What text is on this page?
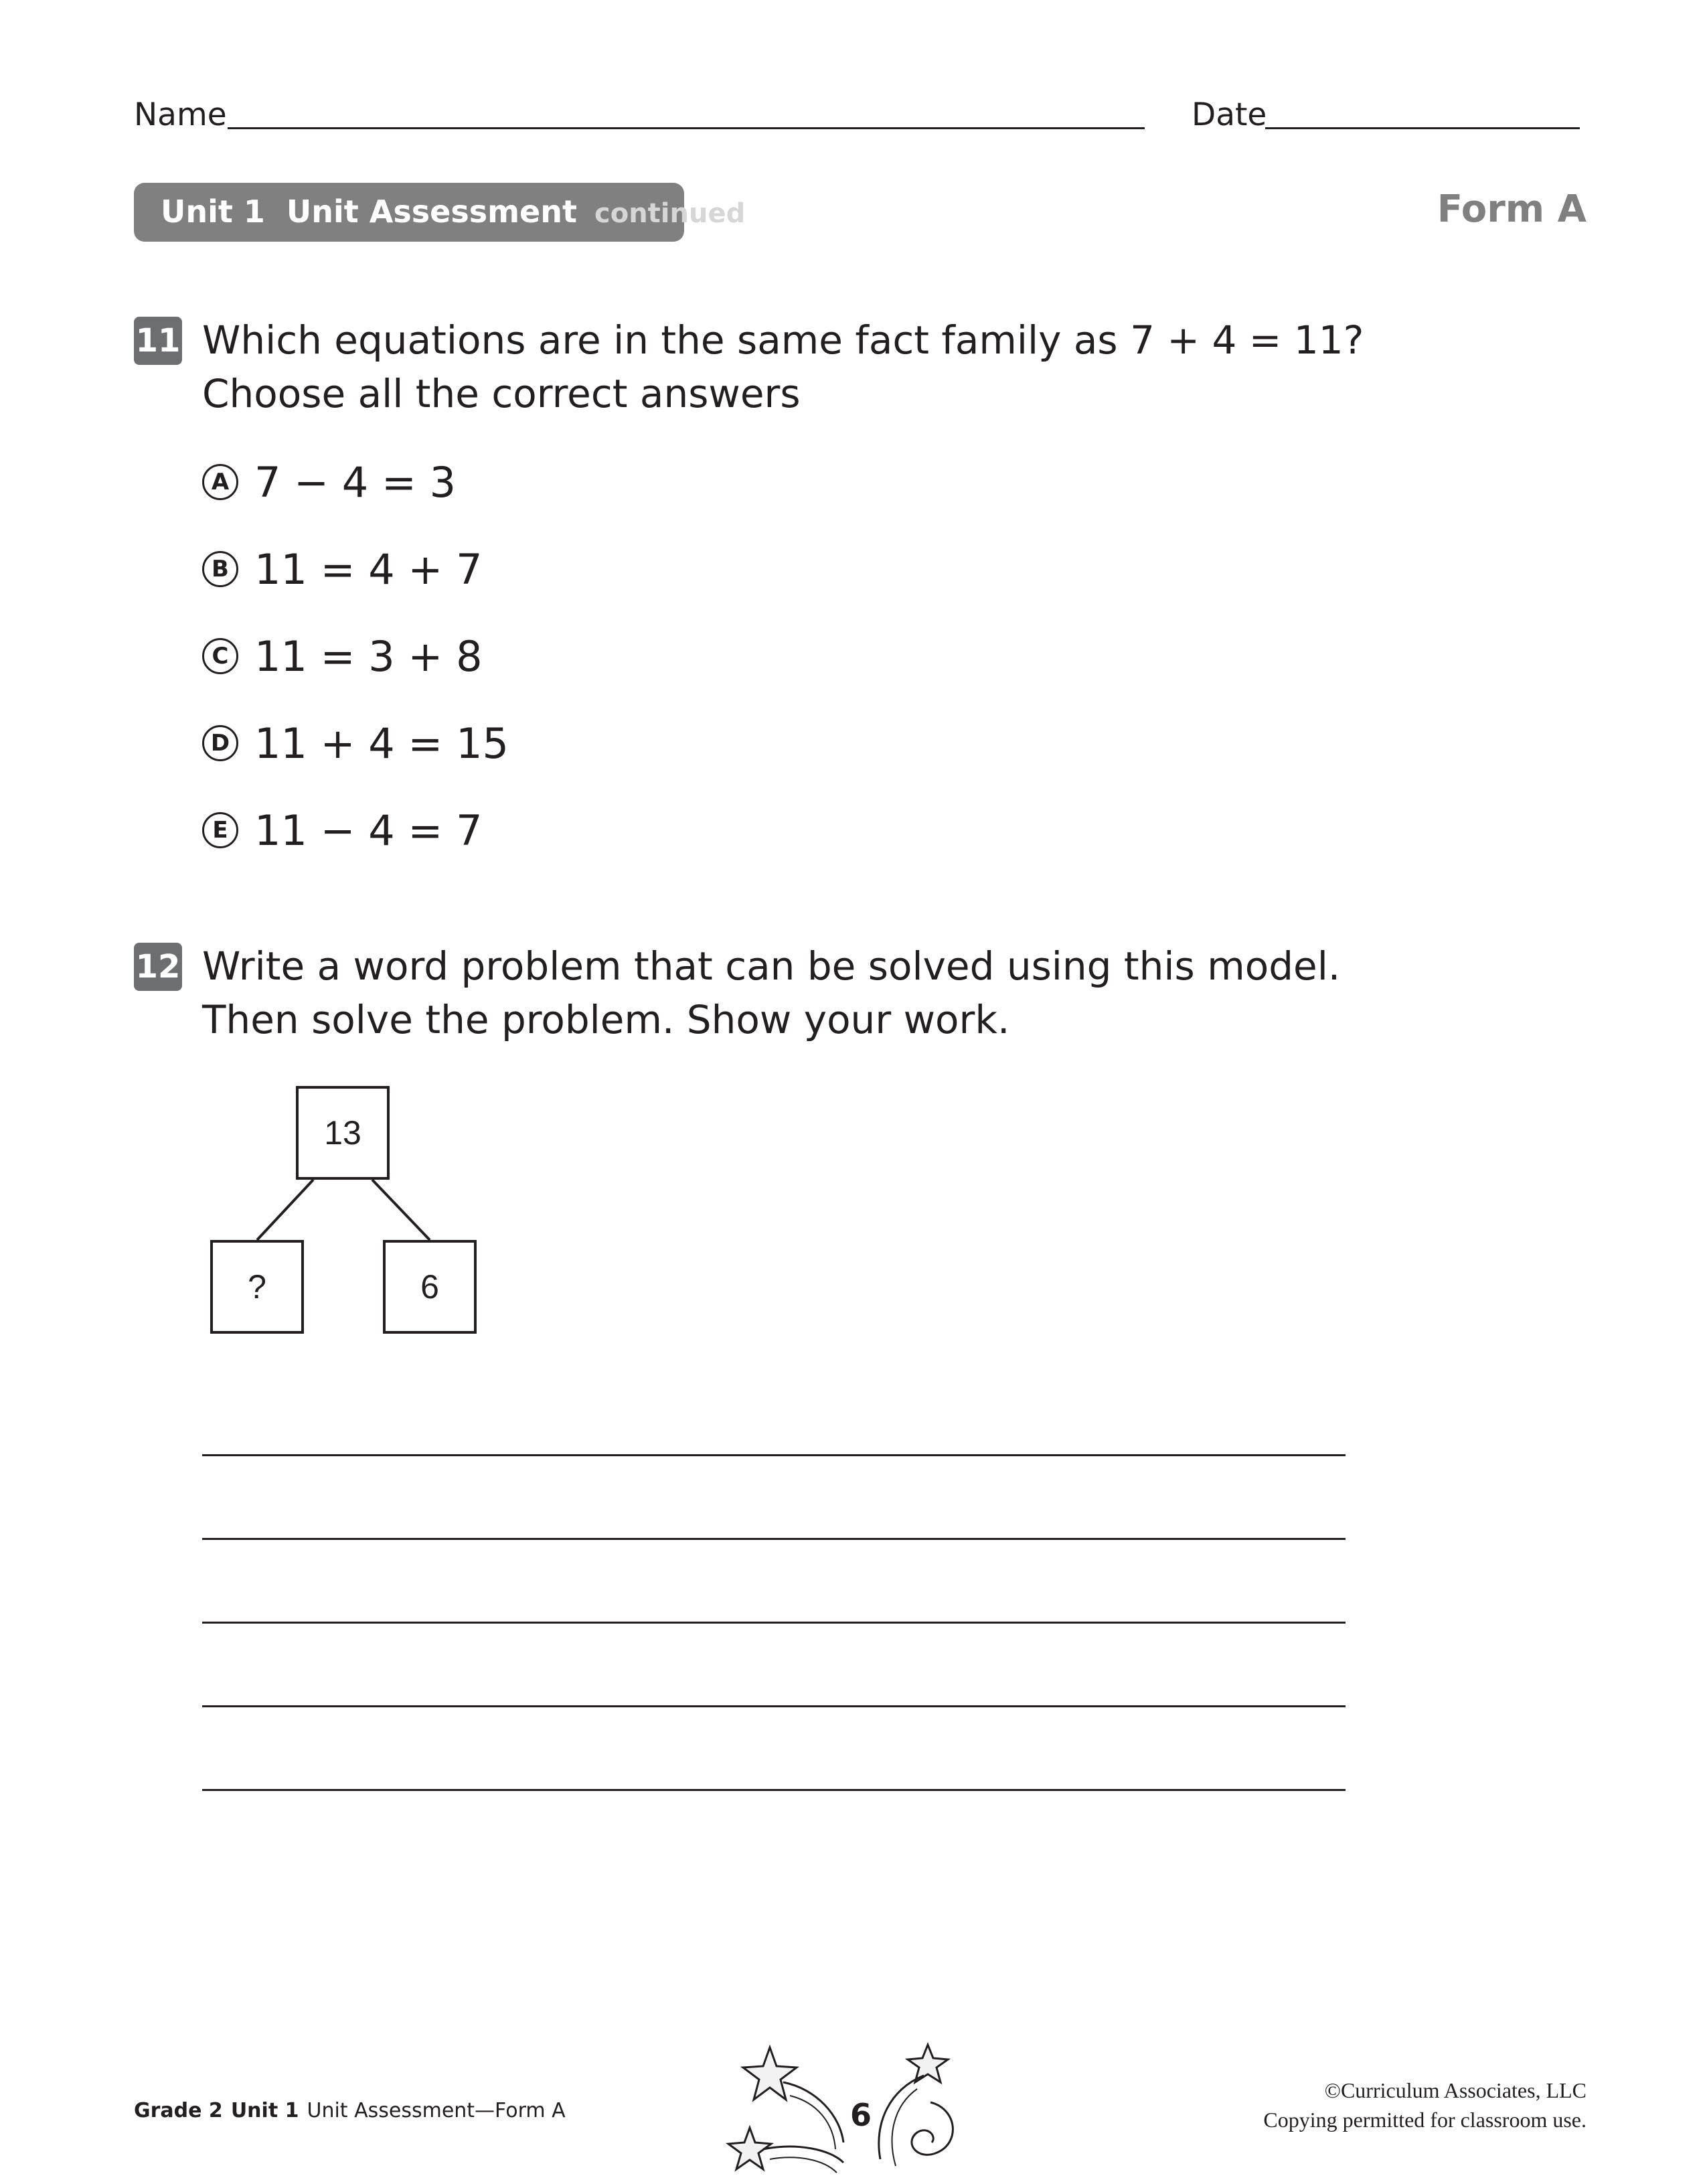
Name	Date
Unit 1 Unit Assessment continued	Form A
11 Which equations are in the same fact family as 7 + 4 = 11?
Choose all the correct answers
A 7 − 4 = 3
B 11 = 4 + 7
C 11 = 3 + 8
D 11 + 4 = 15
E 11 − 4 = 7
12 Write a word problem that can be solved using this model.
Then solve the problem. Show your work.
13
?	6
Grade 2 Unit 1 Unit Assessment—Form A	6
©Curriculum Associates, LLC
Copying permitted for classroom use.
